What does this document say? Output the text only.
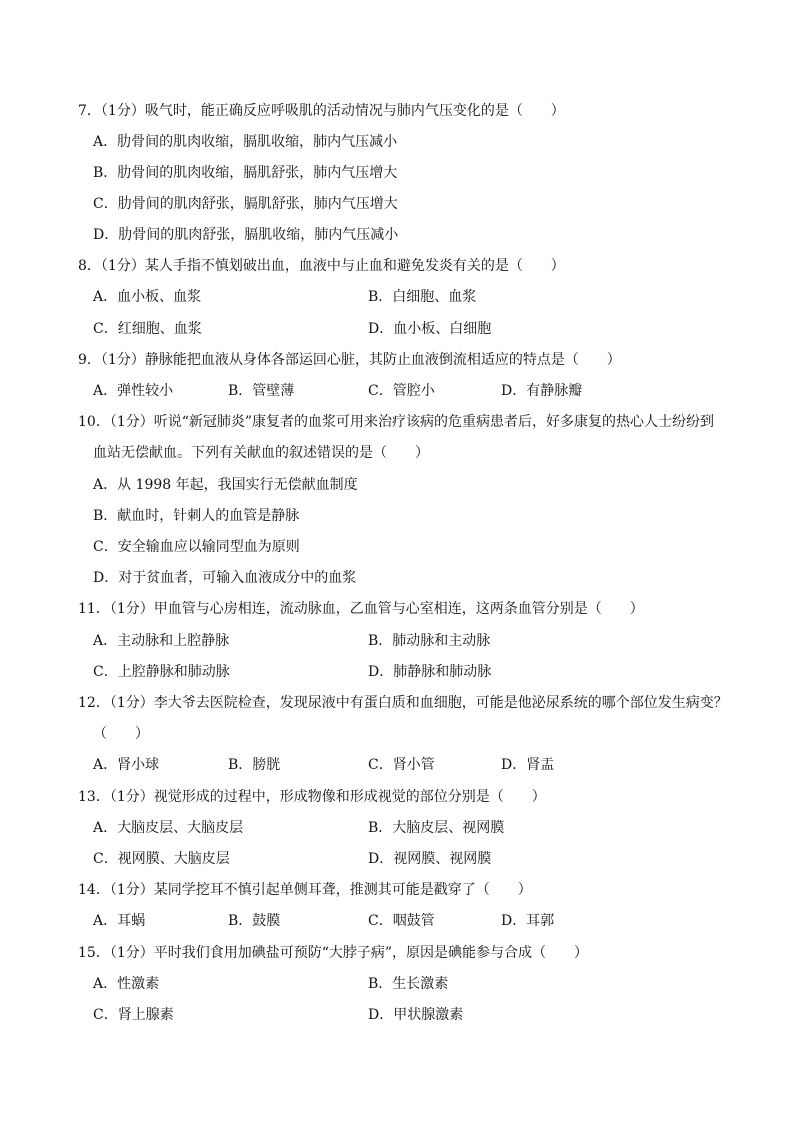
7．（1分）吸气时，能正确反应呼吸肌的活动情况与肺内气压变化的是（　　）
A．肋骨间的肌肉收缩，膈肌收缩，肺内气压减小
B．肋骨间的肌肉收缩，膈肌舒张，肺内气压增大
C．肋骨间的肌肉舒张，膈肌舒张，肺内气压增大
D．肋骨间的肌肉舒张，膈肌收缩，肺内气压减小
8．（1分）某人手指不慎划破出血，血液中与止血和避免发炎有关的是（　　）
A．血小板、血浆	B．白细胞、血浆
C．红细胞、血浆	D．血小板、白细胞
9．（1分）静脉能把血液从身体各部运回心脏，其防止血液倒流相适应的特点是（　　）
A．弹性较小	B．管壁薄	C．管腔小	D．有静脉瓣
10．（1分）听说“新冠肺炎”康复者的血浆可用来治疗该病的危重病患者后，好多康复的热心人士纷纷到
血站无偿献血。下列有关献血的叙述错误的是（　　）
A．从 1998 年起，我国实行无偿献血制度
B．献血时，针刺人的血管是静脉
C．安全输血应以输同型血为原则
D．对于贫血者，可输入血液成分中的血浆
11．（1分）甲血管与心房相连，流动脉血，乙血管与心室相连，这两条血管分别是（　　）
A．主动脉和上腔静脉	B．肺动脉和主动脉
C．上腔静脉和肺动脉	D．肺静脉和肺动脉
12．（1分）李大爷去医院检查，发现尿液中有蛋白质和血细胞，可能是他泌尿系统的哪个部位发生病变？
（　　）
A．肾小球	B．膀胱	C．肾小管	D．肾盂
13．（1分）视觉形成的过程中，形成物像和形成视觉的部位分别是（　　）
A．大脑皮层、大脑皮层	B．大脑皮层、视网膜
C．视网膜、大脑皮层	D．视网膜、视网膜
14．（1分）某同学挖耳不慎引起单侧耳聋，推测其可能是戳穿了（　　）
A．耳蜗	B．鼓膜	C．咽鼓管	D．耳郭
15．（1分）平时我们食用加碘盐可预防“大脖子病”，原因是碘能参与合成（　　）
A．性激素	B．生长激素
C．肾上腺素	D．甲状腺激素
